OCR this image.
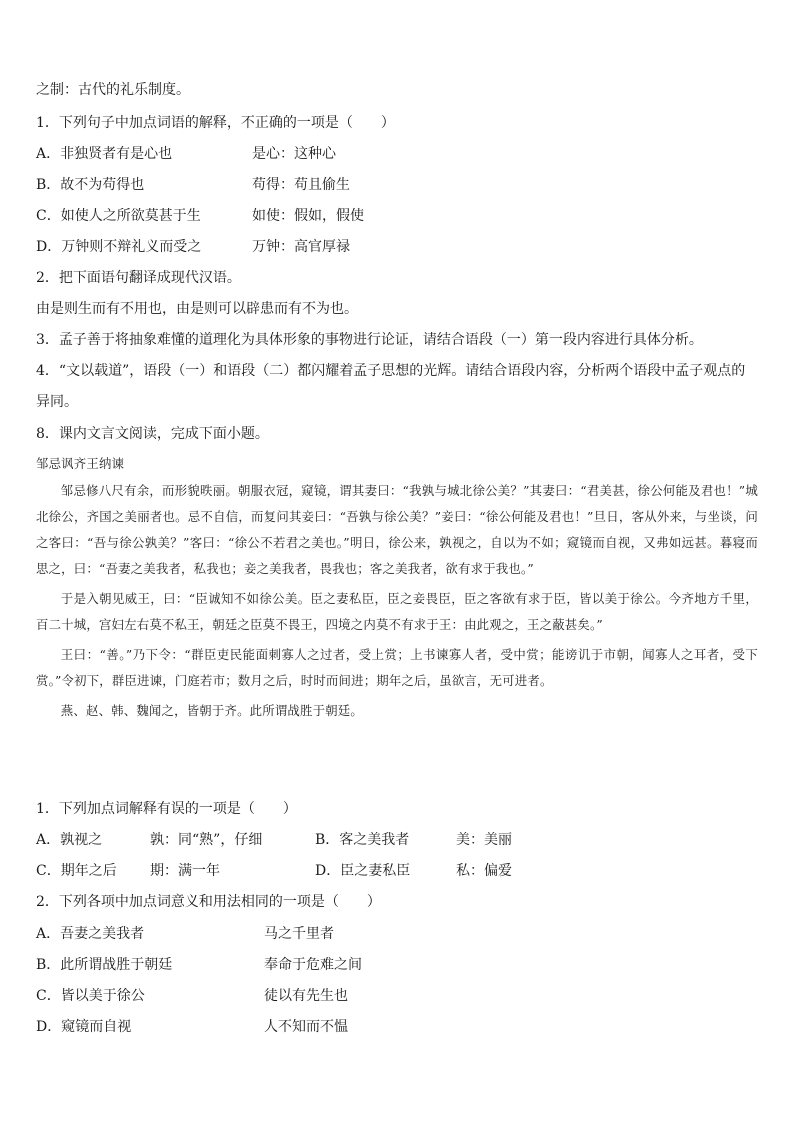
之制：古代的礼乐制度。
1．下列句子中加点词语的解释，不正确的一项是（　　）
A．非独贤者有是心也	是心：这种心
B．故不为苟得也	苟得：苟且偷生
C．如使人之所欲莫甚于生	如使：假如，假使
D．万钟则不辩礼义而受之	万钟：高官厚禄
2．把下面语句翻译成现代汉语。
由是则生而有不用也，由是则可以辟患而有不为也。
3．孟子善于将抽象难懂的道理化为具体形象的事物进行论证，请结合语段（一）第一段内容进行具体分析。
4．“文以载道”，语段（一）和语段（二）都闪耀着孟子思想的光辉。请结合语段内容，分析两个语段中孟子观点的
异同。
8．课内文言文阅读，完成下面小题。

邹忌讽齐王纳谏

邹忌修八尺有余，而形貌昳丽。朝服衣冠，窥镜，谓其妻曰：“我孰与城北徐公美？”其妻曰：“君美甚，徐公何能及君也！”城北徐公，齐国之美丽者也。忌不自信，而复问其妾曰：“吾孰与徐公美？”妾曰：“徐公何能及君也！”旦日，客从外来，与坐谈，问之客曰：“吾与徐公孰美？”客曰：“徐公不若君之美也。”明日，徐公来，孰视之，自以为不如；窥镜而自视，又弗如远甚。暮寝而思之，曰：“吾妻之美我者，私我也；妾之美我者，畏我也；客之美我者，欲有求于我也。”

于是入朝见威王，曰：“臣诚知不如徐公美。臣之妻私臣，臣之妾畏臣，臣之客欲有求于臣，皆以美于徐公。今齐地方千里，百二十城，宫妇左右莫不私王，朝廷之臣莫不畏王，四境之内莫不有求于王：由此观之，王之蔽甚矣。”

王曰：“善。”乃下令：“群臣吏民能面刺寡人之过者，受上赏；上书谏寡人者，受中赏；能谤讥于市朝，闻寡人之耳者，受下赏。”令初下，群臣进谏，门庭若市；数月之后，时时而间进；期年之后，虽欲言，无可进者。

燕、赵、韩、魏闻之，皆朝于齐。此所谓战胜于朝廷。

1．下列加点词解释有误的一项是（　　）
A．孰视之	孰：同“熟”，仔细	B．客之美我者	美：美丽
C．期年之后 期：满一年	D．臣之妻私臣	私：偏爱
2．下列各项中加点词意义和用法相同的一项是（　　）
A．吾妻之美我者	马之千里者
B．此所谓战胜于朝廷	奉命于危难之间
C．皆以美于徐公	徒以有先生也
D．窥镜而自视	人不知而不愠
